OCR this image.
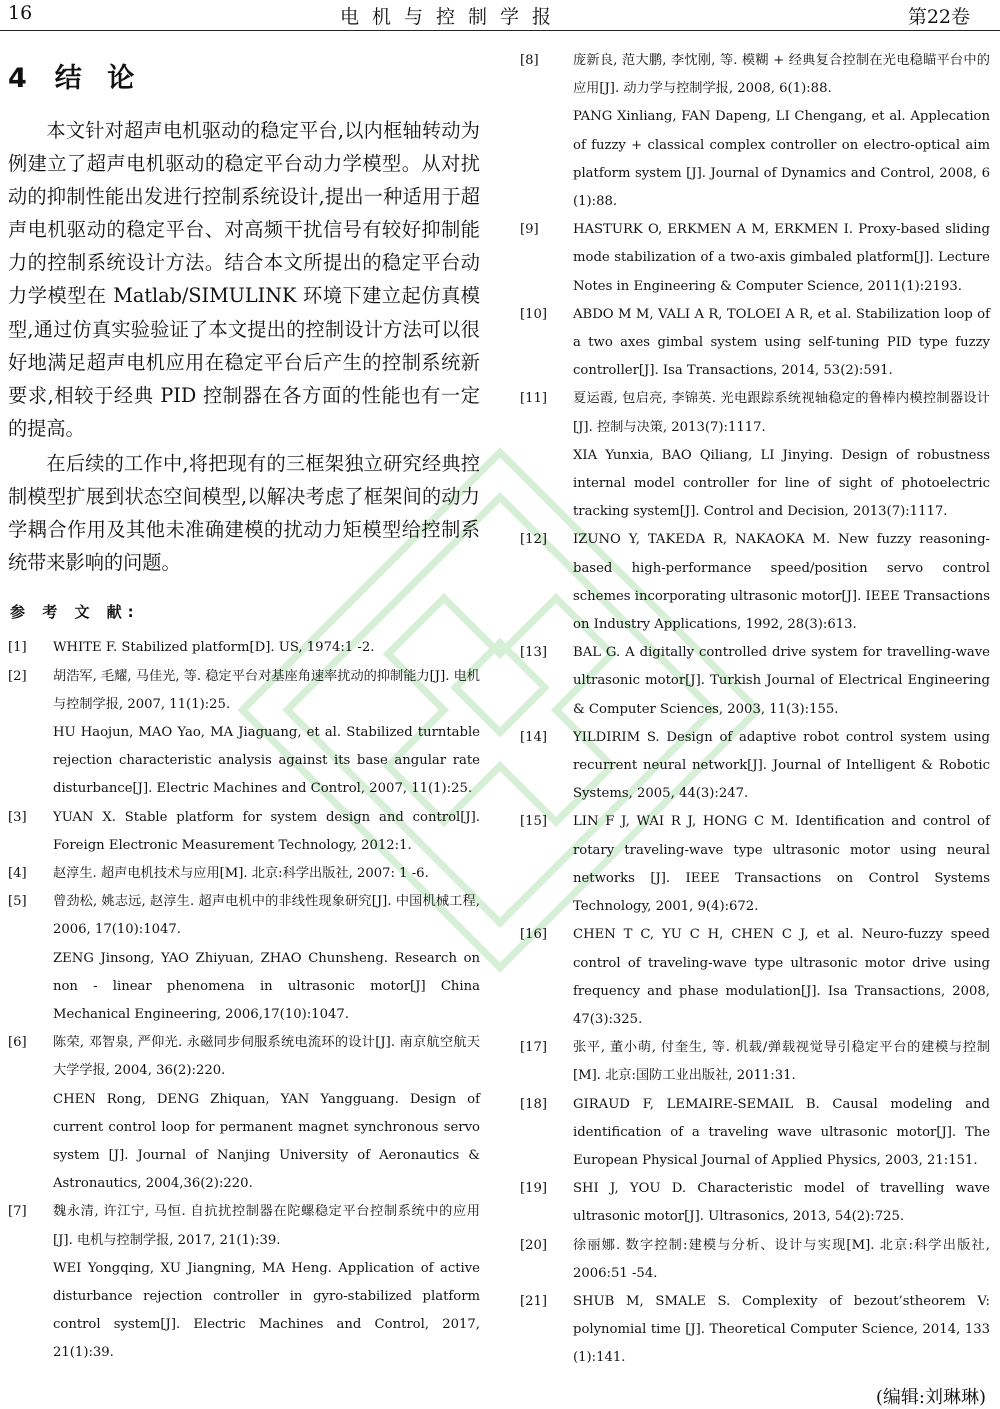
16	电机与控制学报	第22卷
4 结 论

本文针对超声电机驱动的稳定平台,以内框轴转动为例建立了超声电机驱动的稳定平台动力学模型。从对扰动的抑制性能出发进行控制系统设计,提出一种适用于超声电机驱动的稳定平台、对高频干扰信号有较好抑制能力的控制系统设计方法。结合本文所提出的稳定平台动力学模型在 Matlab/SIMULINK 环境下建立起仿真模型,通过仿真实验验证了本文提出的控制设计方法可以很好地满足超声电机应用在稳定平台后产生的控制系统新要求,相较于经典 PID 控制器在各方面的性能也有一定的提高。

在后续的工作中,将把现有的三框架独立研究经典控制模型扩展到状态空间模型,以解决考虑了框架间的动力学耦合作用及其他未准确建模的扰动力矩模型给控制系统带来影响的问题。

参 考 文 献:
[1] WHITE F. Stabilized platform[D]. US, 1974:1 -2.
[2] 胡浩军, 毛耀, 马佳光, 等. 稳定平台对基座角速率扰动的抑制能力[J]. 电机与控制学报, 2007, 11(1):25.
HU Haojun, MAO Yao, MA Jiaguang, et al. Stabilized turntable rejection characteristic analysis against its base angular rate disturbance[J]. Electric Machines and Control, 2007, 11(1):25.
[3] YUAN X. Stable platform for system design and control[J]. Foreign Electronic Measurement Technology, 2012:1.
[4] 赵淳生. 超声电机技术与应用[M]. 北京:科学出版社, 2007: 1 -6.
[5] 曾劲松, 姚志远, 赵淳生. 超声电机中的非线性现象研究[J]. 中国机械工程, 2006, 17(10):1047.
ZENG Jinsong, YAO Zhiyuan, ZHAO Chunsheng. Research on non - linear phenomena in ultrasonic motor[J] China Mechanical Engineering, 2006,17(10):1047.
[6] 陈荣, 邓智泉, 严仰光. 永磁同步伺服系统电流环的设计[J]. 南京航空航天大学学报, 2004, 36(2):220.
CHEN Rong, DENG Zhiquan, YAN Yangguang. Design of current control loop for permanent magnet synchronous servo system [J]. Journal of Nanjing University of Aeronautics & Astronautics, 2004,36(2):220.
[7] 魏永清, 许江宁, 马恒. 自抗扰控制器在陀螺稳定平台控制系统中的应用[J]. 电机与控制学报, 2017, 21(1):39.
WEI Yongqing, XU Jiangning, MA Heng. Application of active disturbance rejection controller in gyro-stabilized platform control system[J]. Electric Machines and Control, 2017, 21(1):39.
[8]	庞新良, 范大鹏, 李忱刚, 等. 模糊 + 经典复合控制在光电稳瞄平台中的应用[J]. 动力学与控制学报, 2008, 6(1):88.
PANG Xinliang, FAN Dapeng, LI Chengang, et al. Applecation of fuzzy + classical complex controller on electro-optical aim platform system [J]. Journal of Dynamics and Control, 2008, 6 (1):88.
[9]	HASTURK O, ERKMEN A M, ERKMEN I. Proxy-based sliding mode stabilization of a two-axis gimbaled platform[J]. Lecture Notes in Engineering & Computer Science, 2011(1):2193.
[10] ABDO M M, VALI A R, TOLOEI A R, et al. Stabilization loop of a two axes gimbal system using self-tuning PID type fuzzy controller[J]. Isa Transactions, 2014, 53(2):591.
[11] 夏运霞, 包启亮, 李锦英. 光电跟踪系统视轴稳定的鲁棒内模控制器设计[J]. 控制与决策, 2013(7):1117.
XIA Yunxia, BAO Qiliang, LI Jinying. Design of robustness internal model controller for line of sight of photoelectric tracking system[J]. Control and Decision, 2013(7):1117.
[12] IZUNO Y, TAKEDA R, NAKAOKA M. New fuzzy reasoning-based high-performance speed/position servo control schemes incorporating ultrasonic motor[J]. IEEE Transactions on Industry Applications, 1992, 28(3):613.
[13] BAL G. A digitally controlled drive system for travelling-wave ultrasonic motor[J]. Turkish Journal of Electrical Engineering & Computer Sciences, 2003, 11(3):155.
[14] YILDIRIM S. Design of adaptive robot control system using recurrent neural network[J]. Journal of Intelligent & Robotic Systems, 2005, 44(3):247.
[15] LIN F J, WAI R J, HONG C M. Identification and control of rotary traveling-wave type ultrasonic motor using neural networks [J]. IEEE Transactions on Control Systems Technology, 2001, 9(4):672.
[16] CHEN T C, YU C H, CHEN C J, et al. Neuro-fuzzy speed control of traveling-wave type ultrasonic motor drive using frequency and phase modulation[J]. Isa Transactions, 2008, 47(3):325.
[17] 张平, 董小萌, 付奎生, 等. 机载/弹载视觉导引稳定平台的建模与控制[M]. 北京:国防工业出版社, 2011:31.
[18] GIRAUD F, LEMAIRE-SEMAIL B. Causal modeling and identification of a traveling wave ultrasonic motor[J]. The European Physical Journal of Applied Physics, 2003, 21:151.
[19] SHI J, YOU D. Characteristic model of travelling wave ultrasonic motor[J]. Ultrasonics, 2013, 54(2):725.
[20] 徐丽娜. 数字控制:建模与分析、设计与实现[M]. 北京:科学出版社, 2006:51 -54.
[21] SHUB M, SMALE S. Complexity of bezout’stheorem V: polynomial time [J]. Theoretical Computer Science, 2014, 133 (1):141.
(编辑:刘琳琳)
